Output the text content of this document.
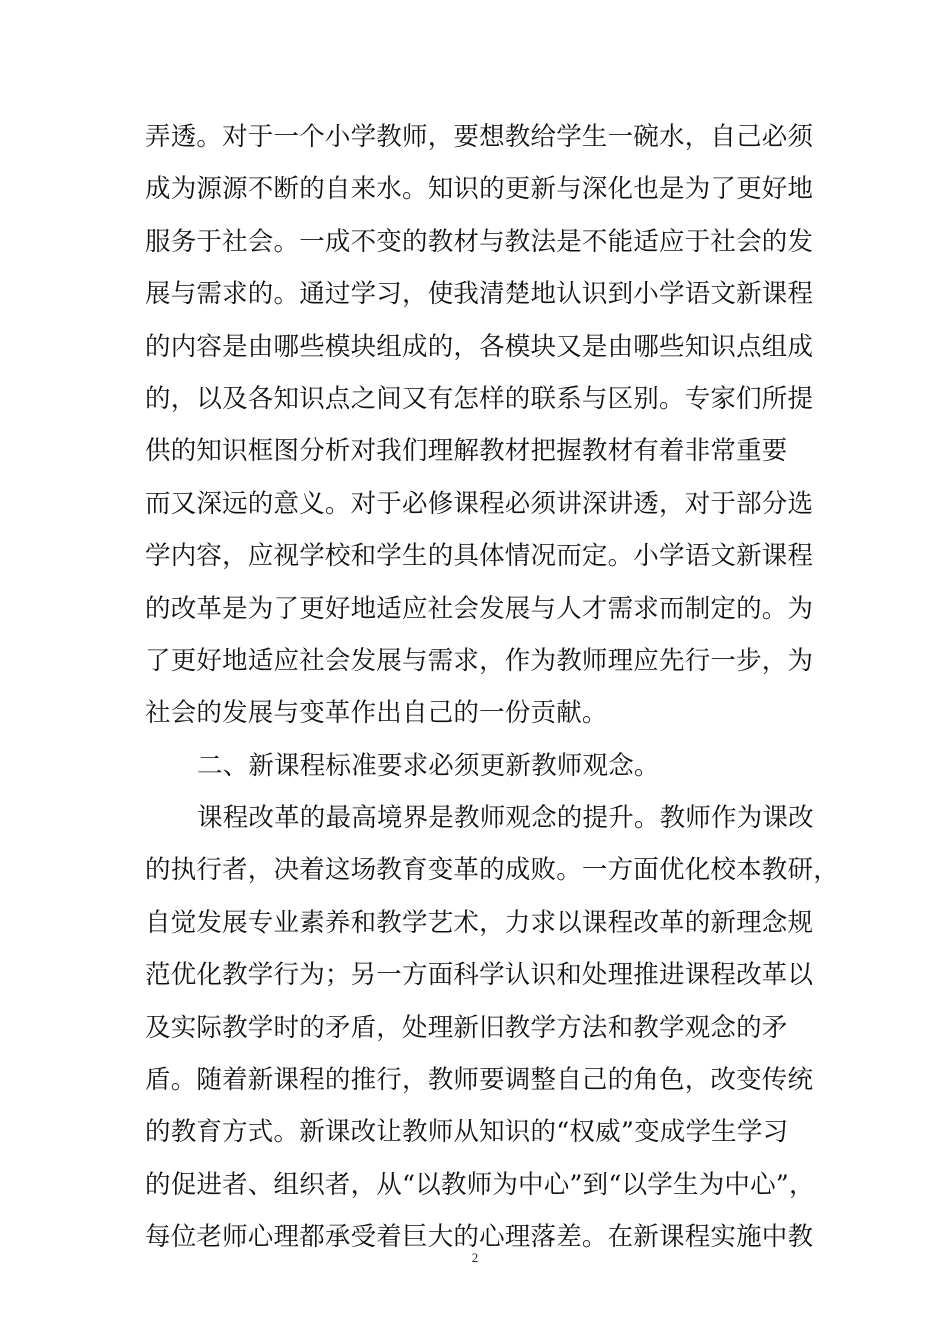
弄透。对于一个小学教师，要想教给学生一碗水，自己必须
成为源源不断的自来水。知识的更新与深化也是为了更好地
服务于社会。一成不变的教材与教法是不能适应于社会的发
展与需求的。通过学习，使我清楚地认识到小学语文新课程
的内容是由哪些模块组成的，各模块又是由哪些知识点组成
的，以及各知识点之间又有怎样的联系与区别。专家们所提
供的知识框图分析对我们理解教材把握教材有着非常重要
而又深远的意义。对于必修课程必须讲深讲透，对于部分选
学内容，应视学校和学生的具体情况而定。小学语文新课程
的改革是为了更好地适应社会发展与人才需求而制定的。为
了更好地适应社会发展与需求，作为教师理应先行一步，为
社会的发展与变革作出自己的一份贡献。
二、新课程标准要求必须更新教师观念。
课程改革的最高境界是教师观念的提升。教师作为课改
的执行者，决着这场教育变革的成败。一方面优化校本教研，
自觉发展专业素养和教学艺术，力求以课程改革的新理念规
范优化教学行为；另一方面科学认识和处理推进课程改革以
及实际教学时的矛盾，处理新旧教学方法和教学观念的矛
盾。随着新课程的推行，教师要调整自己的角色，改变传统
的教育方式。新课改让教师从知识的“权威”变成学生学习
的促进者、组织者，从“以教师为中心”到“以学生为中心”，
每位老师心理都承受着巨大的心理落差。在新课程实施中教
2
